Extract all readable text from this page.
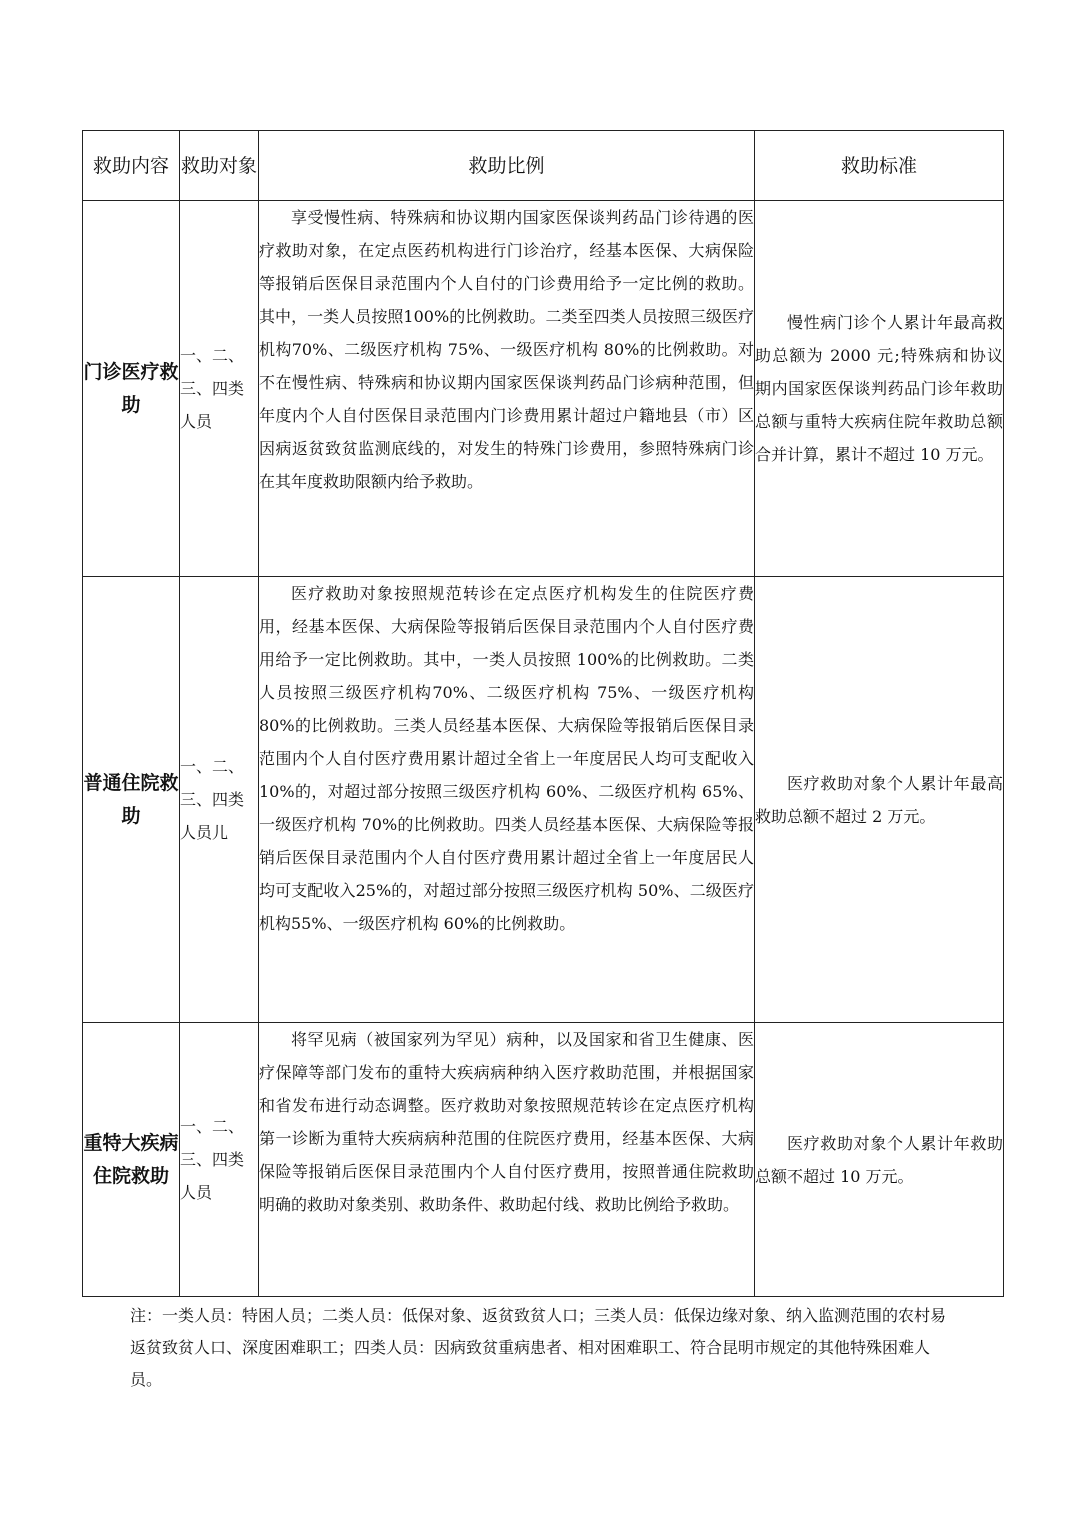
救助内容	救助对象	救助比例	救助标准
门诊医疗救助	一、二、三、四类人员	享受慢性病、特殊病和协议期内国家医保谈判药品门诊待遇的医疗救助对象，在定点医药机构进行门诊治疗，经基本医保、大病保险等报销后医保目录范围内个人自付的门诊费用给予一定比例的救助。其中，一类人员按照100%的比例救助。二类至四类人员按照三级医疗机构70%、二级医疗机构 75%、一级医疗机构 80%的比例救助。对不在慢性病、特殊病和协议期内国家医保谈判药品门诊病种范围，但年度内个人自付医保目录范围内门诊费用累计超过户籍地县（市）区因病返贫致贫监测底线的，对发生的特殊门诊费用，参照特殊病门诊在其年度救助限额内给予救助。	慢性病门诊个人累计年最高救助总额为 2000 元;特殊病和协议期内国家医保谈判药品门诊年救助总额与重特大疾病住院年救助总额合并计算，累计不超过 10 万元。
普通住院救助	一、二、三、四类人员儿	医疗救助对象按照规范转诊在定点医疗机构发生的住院医疗费用，经基本医保、大病保险等报销后医保目录范围内个人自付医疗费用给予一定比例救助。其中，一类人员按照 100%的比例救助。二类人员按照三级医疗机构70%、二级医疗机构 75%、一级医疗机构 80%的比例救助。三类人员经基本医保、大病保险等报销后医保目录范围内个人自付医疗费用累计超过全省上一年度居民人均可支配收入 10%的，对超过部分按照三级医疗机构 60%、二级医疗机构 65%、一级医疗机构 70%的比例救助。四类人员经基本医保、大病保险等报销后医保目录范围内个人自付医疗费用累计超过全省上一年度居民人均可支配收入25%的，对超过部分按照三级医疗机构 50%、二级医疗机构55%、一级医疗机构 60%的比例救助。	医疗救助对象个人累计年最高救助总额不超过 2 万元。
重特大疾病住院救助	一、二、三、四类人员	将罕见病（被国家列为罕见）病种，以及国家和省卫生健康、医疗保障等部门发布的重特大疾病病种纳入医疗救助范围，并根据国家和省发布进行动态调整。医疗救助对象按照规范转诊在定点医疗机构第一诊断为重特大疾病病种范围的住院医疗费用，经基本医保、大病保险等报销后医保目录范围内个人自付医疗费用，按照普通住院救助明确的救助对象类别、救助条件、救助起付线、救助比例给予救助。	医疗救助对象个人累计年救助总额不超过 10 万元。
注：一类人员：特困人员；二类人员：低保对象、返贫致贫人口；三类人员：低保边缘对象、纳入监测范围的农村易返贫致贫人口、深度困难职工；四类人员：因病致贫重病患者、相对困难职工、符合昆明市规定的其他特殊困难人员。
